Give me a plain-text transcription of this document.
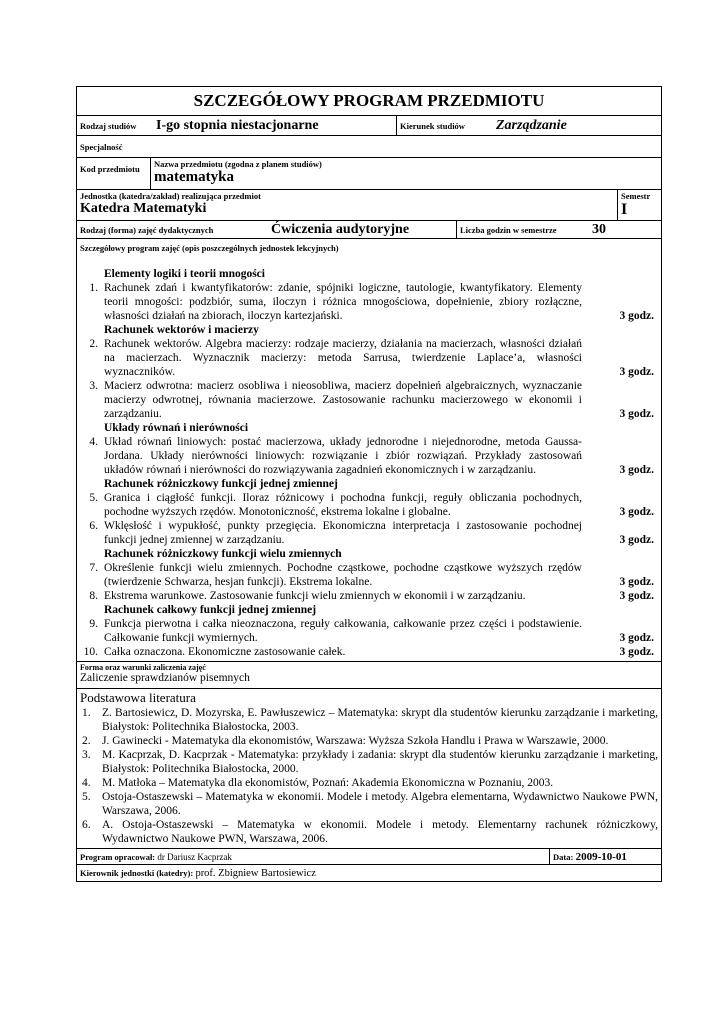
SZCZEGÓŁOWY PROGRAM PRZEDMIOTU
Rodzaj studiów	I-go stopnia niestacjonarne	Kierunek studiów	Zarządzanie
Specjalność
Kod przedmiotu	Nazwa przedmiotu (zgodna z planem studiów)
matematyka
Jednostka (katedra/zakład) realizująca przedmiot
Katedra Matematyki
Semestr
I
Rodzaj (forma) zajęć dydaktycznych	Ćwiczenia audytoryjne	Liczba godzin w semestrze	30
Szczegółowy program zajęć (opis poszczególnych jednostek lekcyjnych)
Elementy logiki i teorii mnogości
1. Rachunek zdań i kwantyfikatorów: zdanie, spójniki logiczne, tautologie, kwantyfikatory. Elementy teorii mnogości: podzbiór, suma, iloczyn i różnica mnogościowa, dopełnienie, zbiory rozłączne, własności działań na zbiorach, iloczyn kartezjański.	3 godz.
Rachunek wektorów i macierzy
2. Rachunek wektorów. Algebra macierzy: rodzaje macierzy, działania na macierzach, własności działań na macierzach. Wyznacznik macierzy: metoda Sarrusa, twierdzenie Laplace’a, własności wyznaczników.	3 godz.
3. Macierz odwrotna: macierz osobliwa i nieosobliwa, macierz dopełnień algebraicznych, wyznaczanie macierzy odwrotnej, równania macierzowe. Zastosowanie rachunku macierzowego w ekonomii i zarządzaniu.	3 godz.
Układy równań i nierówności
4. Układ równań liniowych: postać macierzowa, układy jednorodne i niejednorodne, metoda Gaussa-Jordana. Układy nierówności liniowych: rozwiązanie i zbiór rozwiązań. Przykłady zastosowań układów równań i nierówności do rozwiązywania zagadnień ekonomicznych i w zarządzaniu.	3 godz.
Rachunek różniczkowy funkcji jednej zmiennej
5. Granica i ciągłość funkcji. Iloraz różnicowy i pochodna funkcji, reguły obliczania pochodnych, pochodne wyższych rzędów. Monotoniczność, ekstrema lokalne i globalne.	3 godz.
6. Wklęsłość i wypukłość, punkty przegięcia. Ekonomiczna interpretacja i zastosowanie pochodnej funkcji jednej zmiennej w zarządzaniu.	3 godz.
Rachunek różniczkowy funkcji wielu zmiennych
7. Określenie funkcji wielu zmiennych. Pochodne cząstkowe, pochodne cząstkowe wyższych rzędów (twierdzenie Schwarza, hesjan funkcji). Ekstrema lokalne.	3 godz.
8. Ekstrema warunkowe. Zastosowanie funkcji wielu zmiennych w ekonomii i w zarządzaniu.	3 godz.
Rachunek całkowy funkcji jednej zmiennej
9. Funkcja pierwotna i całka nieoznaczona, reguły całkowania, całkowanie przez części i podstawienie. Całkowanie funkcji wymiernych.	3 godz.
10. Całka oznaczona. Ekonomiczne zastosowanie całek.	3 godz.
Forma oraz warunki zaliczenia zajęć
Zaliczenie sprawdzianów pisemnych
Podstawowa literatura
1. Z. Bartosiewicz, D. Mozyrska, E. Pawłuszewicz – Matematyka: skrypt dla studentów kierunku zarządzanie i marketing, Białystok: Politechnika Białostocka, 2003.
2. J. Gawinecki - Matematyka dla ekonomistów, Warszawa: Wyższa Szkoła Handlu i Prawa w Warszawie, 2000.
3. M. Kacprzak, D. Kacprzak - Matematyka: przykłady i zadania: skrypt dla studentów kierunku zarządzanie i marketing, Białystok: Politechnika Białostocka, 2000.
4. M. Matłoka – Matematyka dla ekonomistów, Poznań: Akademia Ekonomiczna w Poznaniu, 2003.
5. Ostoja-Ostaszewski – Matematyka w ekonomii. Modele i metody. Algebra elementarna, Wydawnictwo Naukowe PWN, Warszawa, 2006.
6. A. Ostoja-Ostaszewski – Matematyka w ekonomii. Modele i metody. Elementarny rachunek różniczkowy, Wydawnictwo Naukowe PWN, Warszawa, 2006.
Program opracował:
dr Dariusz Kacprzak	Data:
2009-10-01
Kierownik jednostki (katedry):
prof. Zbigniew Bartosiewicz
